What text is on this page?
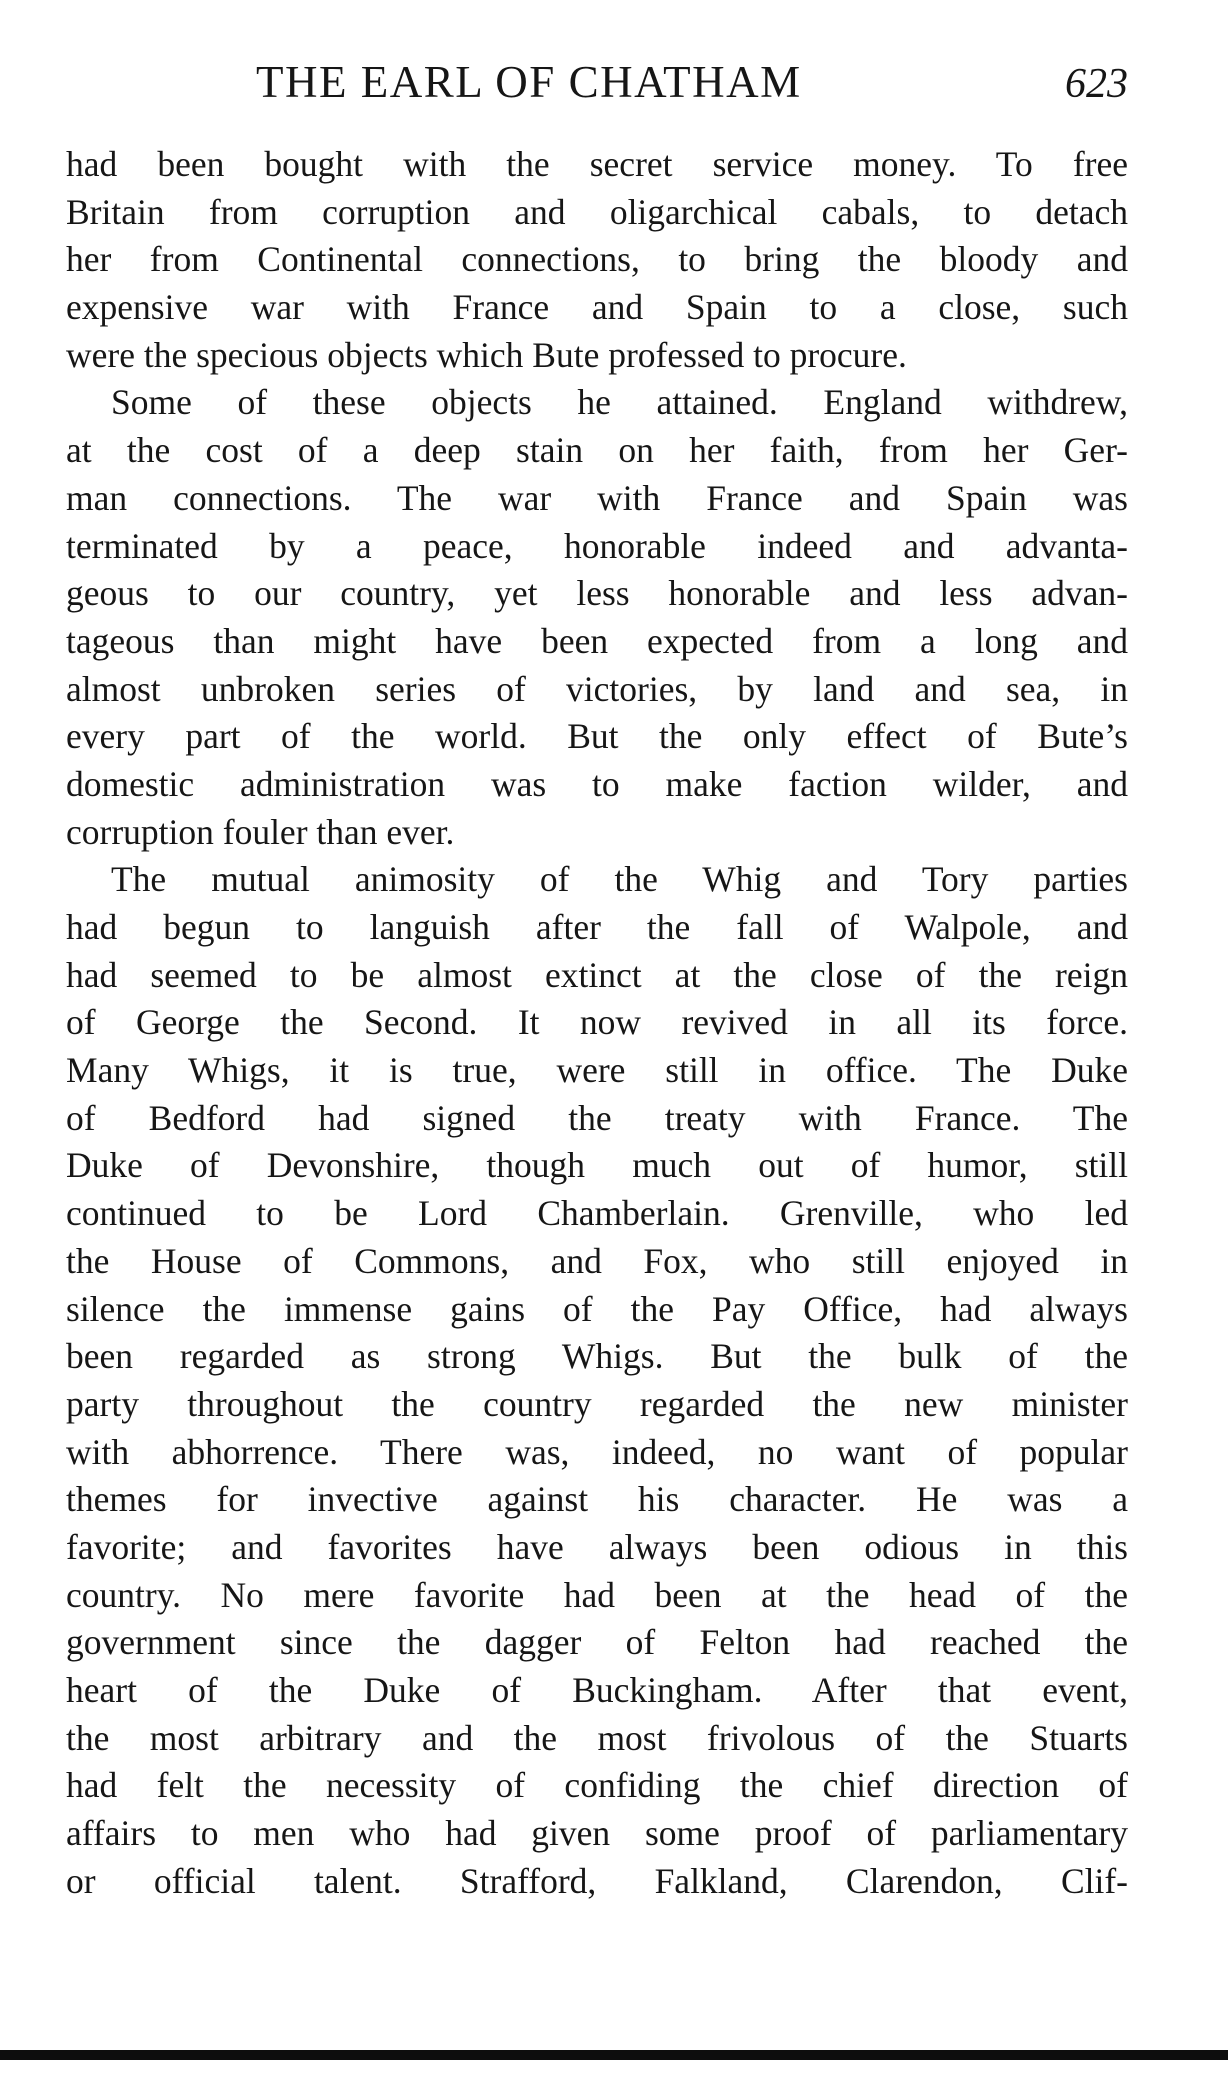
THE EARL OF CHATHAM	623
had been bought with the secret service money. To free
Britain from corruption and oligarchical cabals, to detach
her from Continental connections, to bring the bloody and
expensive war with France and Spain to a close, such
were the specious objects which Bute professed to procure.
Some of these objects he attained. England withdrew,
at the cost of a deep stain on her faith, from her Ger-
man connections. The war with France and Spain was
terminated by a peace, honorable indeed and advanta-
geous to our country, yet less honorable and less advan-
tageous than might have been expected from a long and
almost unbroken series of victories, by land and sea, in
every part of the world. But the only effect of Bute’s
domestic administration was to make faction wilder, and
corruption fouler than ever.
The mutual animosity of the Whig and Tory parties
had begun to languish after the fall of Walpole, and
had seemed to be almost extinct at the close of the reign
of George the Second. It now revived in all its force.
Many Whigs, it is true, were still in office. The Duke
of Bedford had signed the treaty with France. The
Duke of Devonshire, though much out of humor, still
continued to be Lord Chamberlain. Grenville, who led
the House of Commons, and Fox, who still enjoyed in
silence the immense gains of the Pay Office, had always
been regarded as strong Whigs. But the bulk of the
party throughout the country regarded the new minister
with abhorrence. There was, indeed, no want of popular
themes for invective against his character. He was a
favorite; and favorites have always been odious in this
country. No mere favorite had been at the head of the
government since the dagger of Felton had reached the
heart of the Duke of Buckingham. After that event,
the most arbitrary and the most frivolous of the Stuarts
had felt the necessity of confiding the chief direction of
affairs to men who had given some proof of parliamentary
or official talent. Strafford, Falkland, Clarendon, Clif-
